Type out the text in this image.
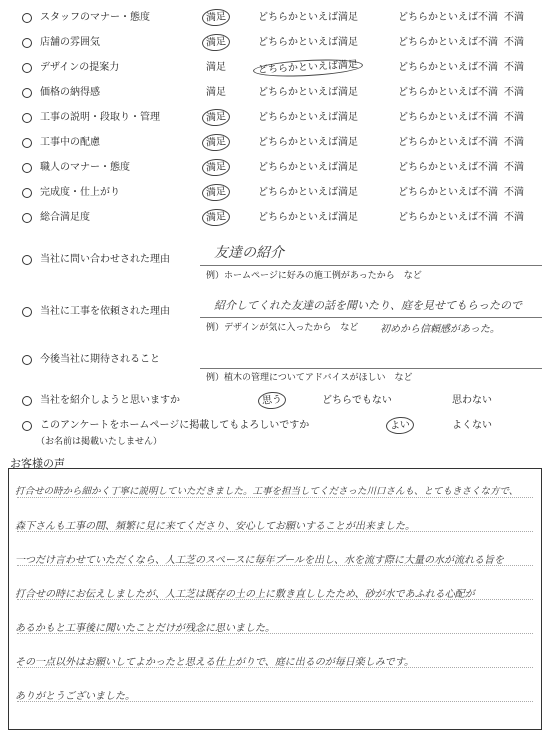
スタッフのマナー・態度	満足	どちらかといえば満足	どちらかといえば不満 不満
店舗の雰囲気	満足	どちらかといえば満足	どちらかといえば不満 不満
デザインの提案力	満足	どちらかといえば満足	どちらかといえば不満 不満
価格の納得感	満足	どちらかといえば満足	どちらかといえば不満 不満
工事の説明・段取り・管理	満足	どちらかといえば満足	どちらかといえば不満 不満
工事中の配慮	満足	どちらかといえば満足	どちらかといえば不満 不満
職人のマナー・態度	満足	どちらかといえば満足	どちらかといえば不満 不満
完成度・仕上がり	満足	どちらかといえば満足	どちらかといえば不満 不満
総合満足度	満足	どちらかといえば満足	どちらかといえば不満 不満
当社に問い合わせされた理由	友達の紹介
例）ホームページに好みの施工例があったから　など
当社に工事を依頼された理由	紹介してくれた友達の話を聞いたり、庭を見せてもらったので
例）デザインが気に入ったから　など 初めから信頼感があった。
今後当社に期待されること
例）植木の管理についてアドバイスがほしい　など
当社を紹介しようと思いますか	思う	どちらでもない	思わない
このアンケートをホームページに掲載してもよろしいですか	よい	よくない
（お名前は掲載いたしません）
お客様の声
打合せの時から細かく丁寧に説明していただきました。工事を担当してくださった川口さんも、とてもきさくな方で、
森下さんも工事の間、頻繁に見に来てくださり、安心してお願いすることが出来ました。
一つだけ言わせていただくなら、人工芝のスペースに毎年プールを出し、水を流す際に大量の水が流れる旨を
打合せの時にお伝えしましたが、人工芝は既存の土の上に敷き直ししたため、砂が水であふれる心配が
あるかもと工事後に聞いたことだけが残念に思いました。
その一点以外はお願いしてよかったと思える仕上がりで、庭に出るのが毎日楽しみです。
ありがとうございました。
